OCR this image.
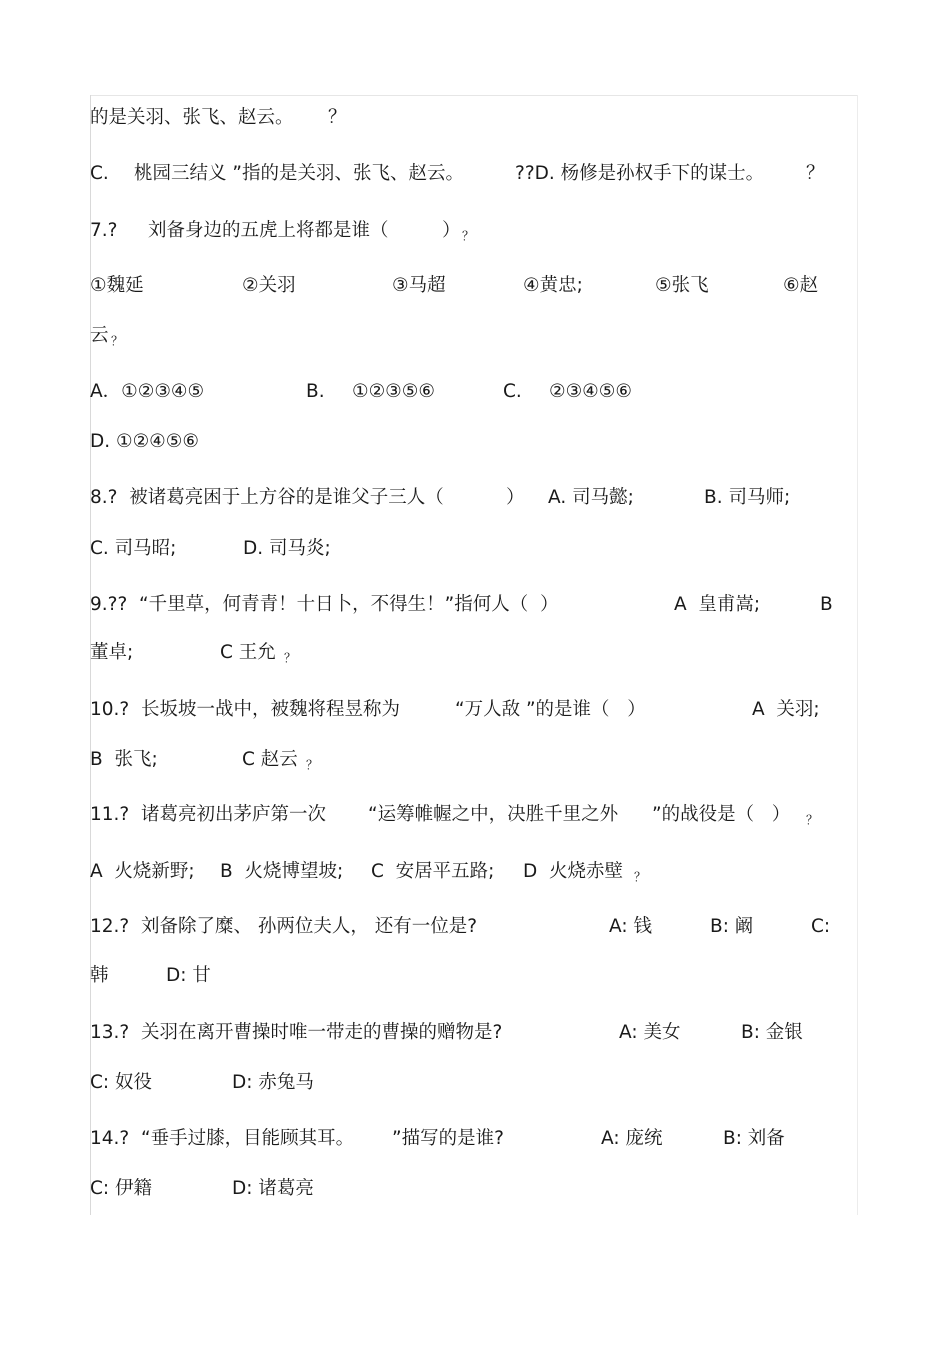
的是关羽、张飞、赵云。

？

C.

桃园三结义 ”指的是关羽、张飞、赵云。

	??D. 杨修是孙权手下的谋士。

？

7.?

刘备身边的五虎上将都是谁（

	）

？

①魏延

	②关羽

	③马超

	④黄忠;

	⑤张飞

	⑥赵

云

？

A．①②③④⑤

	B.

①②③⑤⑥

	C.

②③④⑤⑥

D. ①②④⑤⑥

8.?  被诸葛亮困于上方谷的是谁父子三人（

	）

A. 司马懿;

	B. 司马师;

C. 司马昭;

	D. 司马炎;

9.??  “千里草，何青青！十日卜，不得生！”指何人（  ）

	A  皇甫嵩;

	B

董卓;

	C 王允

？

10.?  长坂坡一战中，被魏将程昱称为

	“万人敌 ”的是谁（   ）

	A  关羽;

B  张飞;

	C 赵云

？

11.?  诸葛亮初出茅庐第一次

“运筹帷幄之中，决胜千里之外

”的战役是（   ）

？

A  火烧新野;

B  火烧博望坡;

C  安居平五路;

D  火烧赤壁

？

12.?  刘备除了糜、 孙两位夫人， 还有一位是?

	A: 钱

	B: 阚

	C:

韩

	D: 甘

13.?  关羽在离开曹操时唯一带走的曹操的赠物是?

	A: 美女

	B: 金银

C: 奴役

	D: 赤兔马

14.?  “垂手过膝，目能顾其耳。

”描写的是谁?

	A: 庞统

	B: 刘备

C: 伊籍

	D: 诸葛亮
